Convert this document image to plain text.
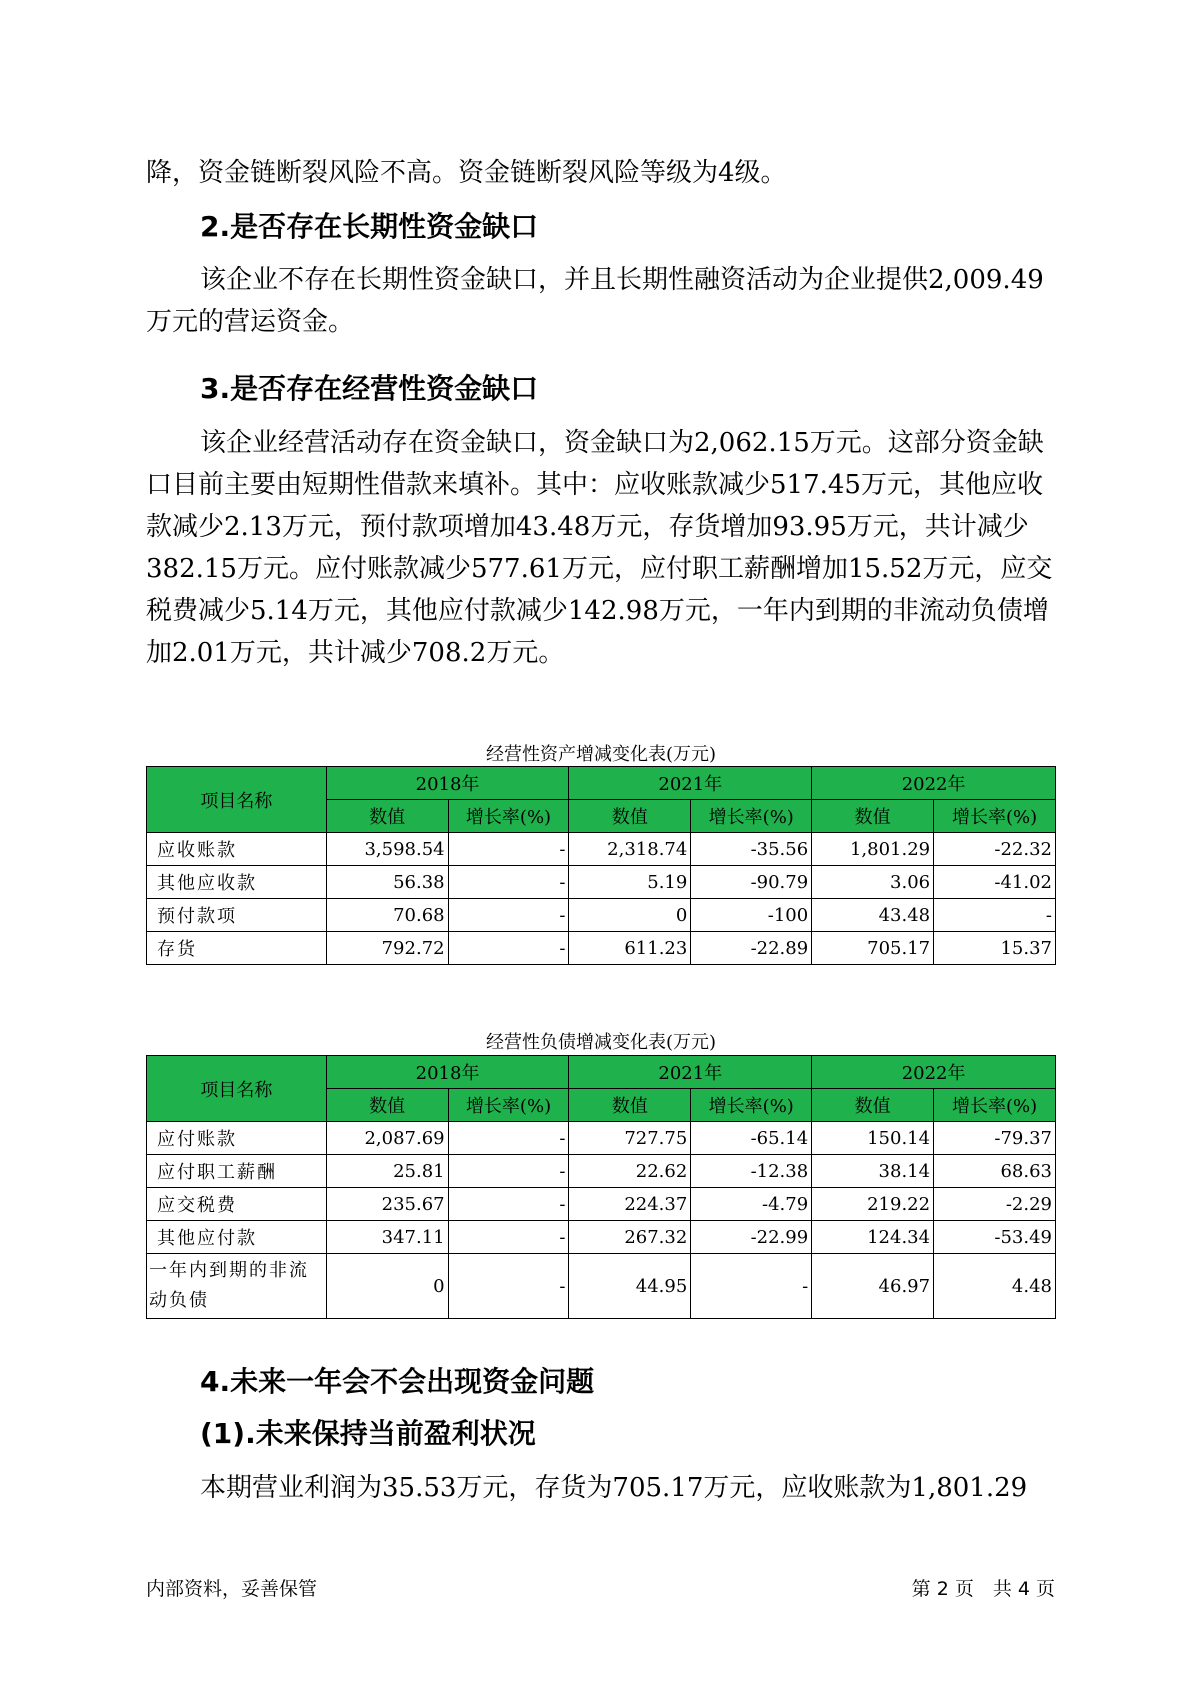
降，资金链断裂风险不高。资金链断裂风险等级为4级。

2.是否存在长期性资金缺口

该企业不存在长期性资金缺口，并且长期性融资活动为企业提供2,009.49万元的营运资金。

3.是否存在经营性资金缺口

该企业经营活动存在资金缺口，资金缺口为2,062.15万元。这部分资金缺口目前主要由短期性借款来填补。其中：应收账款减少517.45万元，其他应收款减少2.13万元，预付款项增加43.48万元，存货增加93.95万元，共计减少382.15万元。应付账款减少577.61万元，应付职工薪酬增加15.52万元，应交税费减少5.14万元，其他应付款减少142.98万元，一年内到期的非流动负债增加2.01万元，共计减少708.2万元。

经营性资产增减变化表(万元)

项目名称	2018年		2021年		2022年	
	数值	增长率(%)	数值	增长率(%)	数值	增长率(%)
应收账款	3,598.54	-	2,318.74	-35.56	1,801.29	-22.32
其他应收款	56.38	-	5.19	-90.79	3.06	-41.02
预付款项	70.68	-	0	-100	43.48	-
存货	792.72	-	611.23	-22.89	705.17	15.37

经营性负债增减变化表(万元)

项目名称	2018年		2021年		2022年	
	数值	增长率(%)	数值	增长率(%)	数值	增长率(%)
应付账款	2,087.69	-	727.75	-65.14	150.14	-79.37
应付职工薪酬	25.81	-	22.62	-12.38	38.14	68.63
应交税费	235.67	-	224.37	-4.79	219.22	-2.29
其他应付款	347.11	-	267.32	-22.99	124.34	-53.49
一年内到期的非流动负债	0	-	44.95	-	46.97	4.48
4.未来一年会不会出现资金问题
(1).未来保持当前盈利状况

本期营业利润为35.53万元，存货为705.17万元，应收账款为1,801.29

内部资料，妥善保管	第 2 页　共 4 页
